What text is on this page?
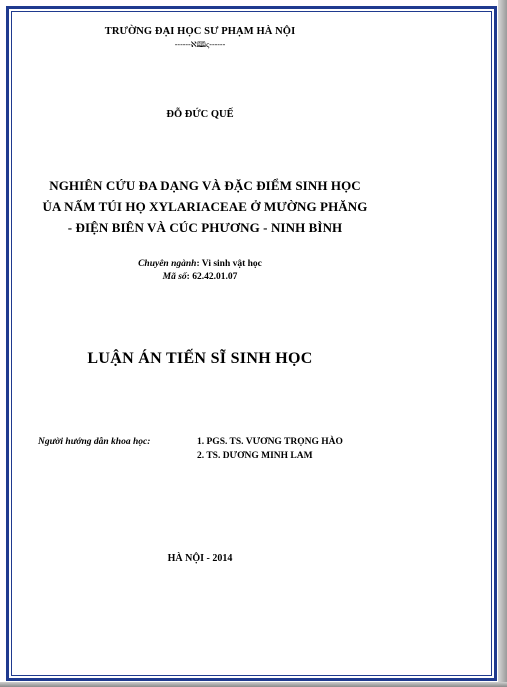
TRƯỜNG ĐẠI HỌC SƯ PHẠM HÀ NỘI
------ℵ🕮ς------
ĐỖ ĐỨC QUẾ
NGHIÊN CỨU ĐA DẠNG VÀ ĐẶC ĐIỂM SINH HỌC
ỦA NẤM TÚI HỌ XYLARIACEAE Ở MƯỜNG PHĂNG
- ĐIỆN BIÊN VÀ CÚC PHƯƠNG - NINH BÌNH
Chuyên ngành: Vi sinh vật học
Mã số: 62.42.01.07
LUẬN ÁN TIẾN SĨ SINH HỌC
Người hướng dẫn khoa học:	1. PGS. TS. VƯƠNG TRỌNG HÀO
2. TS. DƯƠNG MINH LAM
HÀ NỘI - 2014
